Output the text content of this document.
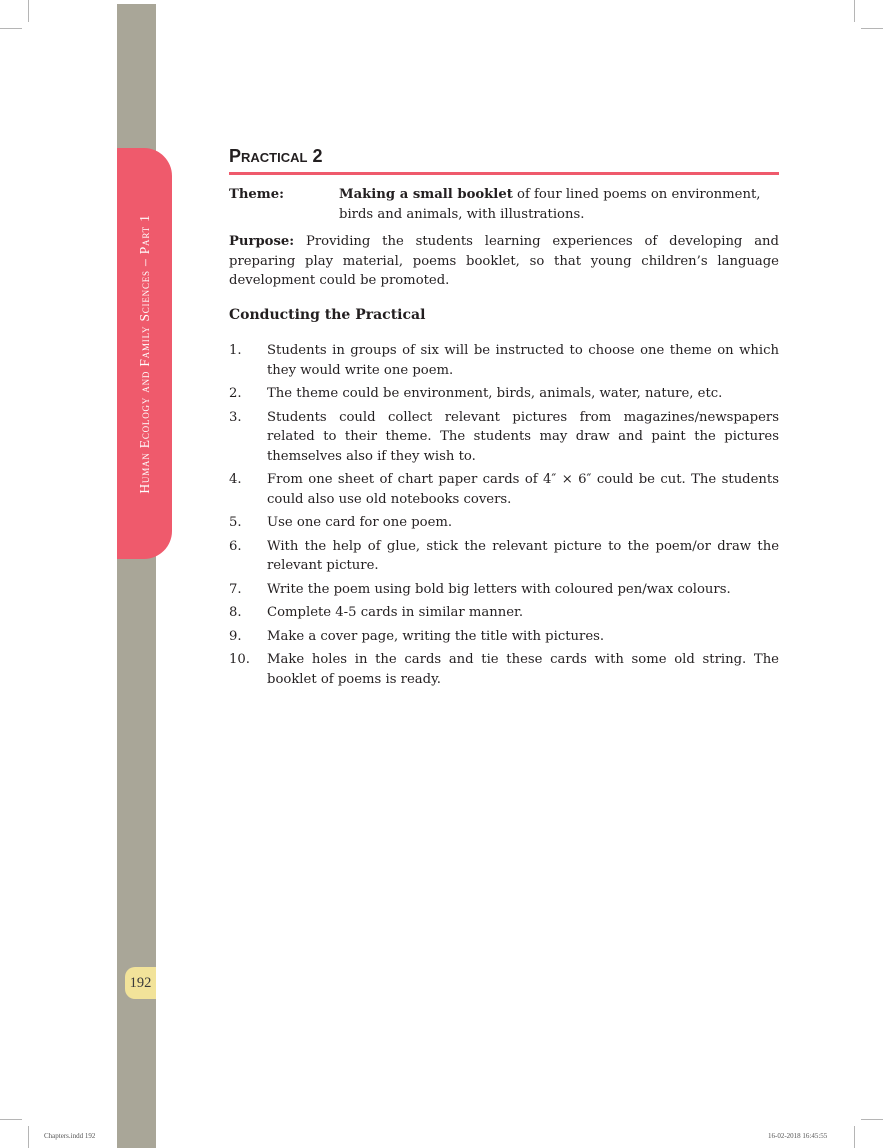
Human Ecology and Family Sciences – Part 1
192
Practical 2
Theme:	Making a small booklet of four lined poems on environment, birds and animals, with illustrations.
Purpose: Providing the students learning experiences of developing and preparing play material, poems booklet, so that young children’s language development could be promoted.
Conducting the Practical
1.	Students in groups of six will be instructed to choose one theme on which they would write one poem.
2.	The theme could be environment, birds, animals, water, nature, etc.
3.	Students could collect relevant pictures from magazines/newspapers related to their theme. The students may draw and paint the pictures themselves also if they wish to.
4.	From one sheet of chart paper cards of 4″ × 6″ could be cut. The students could also use old notebooks covers.
5.	Use one card for one poem.
6.	With the help of glue, stick the relevant picture to the poem/or draw the relevant picture.
7.	Write the poem using bold big letters with coloured pen/wax colours.
8.	Complete 4-5 cards in similar manner.
9.	Make a cover page, writing the title with pictures.
10.	Make holes in the cards and tie these cards with some old string. The booklet of poems is ready.
Chapters.indd 192	16-02-2018 16:45:55
